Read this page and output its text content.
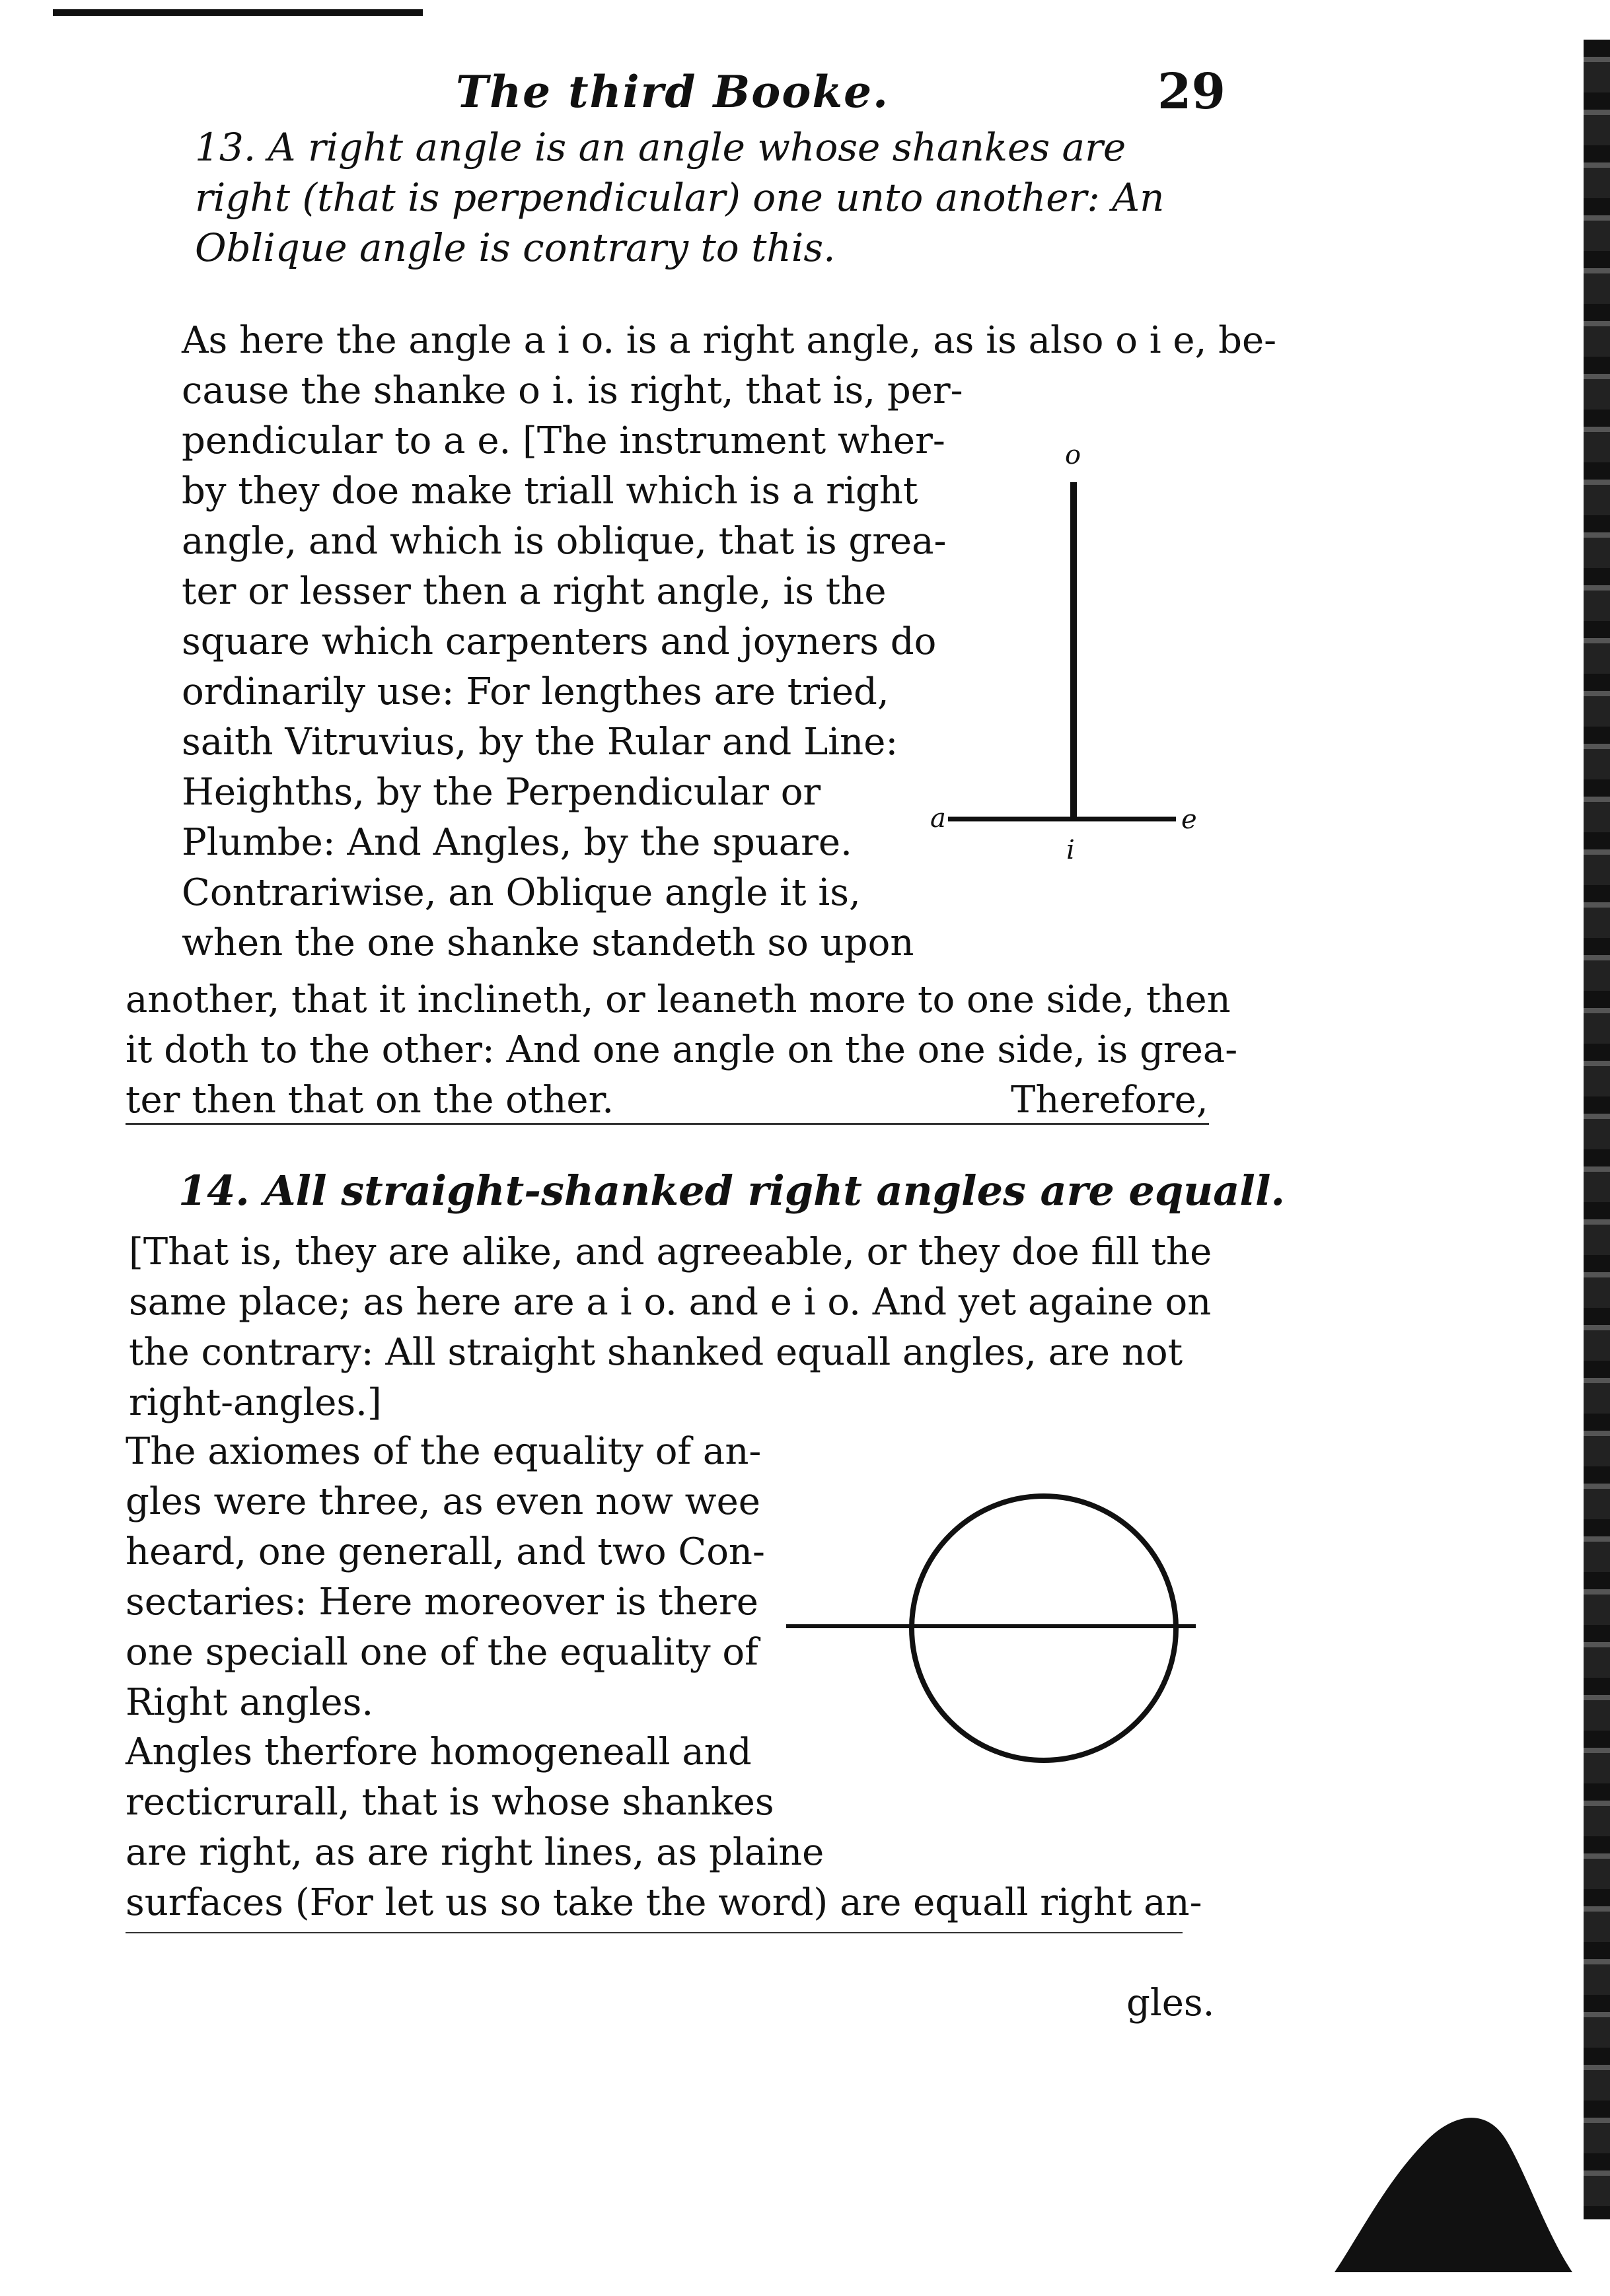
The third Booke.	29
13. A right angle is an angle whose shankes are
right (that is perpendicular) one unto another: An
Oblique angle is contrary to this.
As here the angle a i o. is a right angle, as is also o i e, be-
cause the shanke o i. is right, that is, per-
pendicular to a e. [The instrument wher-
by they doe make triall which is a right
angle, and which is oblique, that is grea-
ter or lesser then a right angle, is the
square which carpenters and joyners do
ordinarily use: For lengthes are tried,
saith Vitruvius, by the Rular and Line:
Heighths, by the Perpendicular or
Plumbe: And Angles, by the spuare.
Contrariwise, an Oblique angle it is,
when the one shanke standeth so upon
another, that it inclineth, or leaneth more to one side, then
it doth to the other: And one angle on the one side, is grea-
ter then that on the other.	Therefore,
o
a
i
e
14. All straight-shanked right angles are equall.
[That is, they are alike, and agreeable, or they doe fill the
same place; as here are a i o. and e i o. And yet againe on
the contrary: All straight shanked equall angles, are not
right-angles.]
The axiomes of the equality of an-
gles were three, as even now wee
heard, one generall, and two Con-
sectaries: Here moreover is there
one speciall one of the equality of
Right angles.
Angles therfore homogeneall and
recticrurall, that is whose shankes
are right, as are right lines, as plaine
surfaces (For let us so take the word) are equall right an-
gles.
